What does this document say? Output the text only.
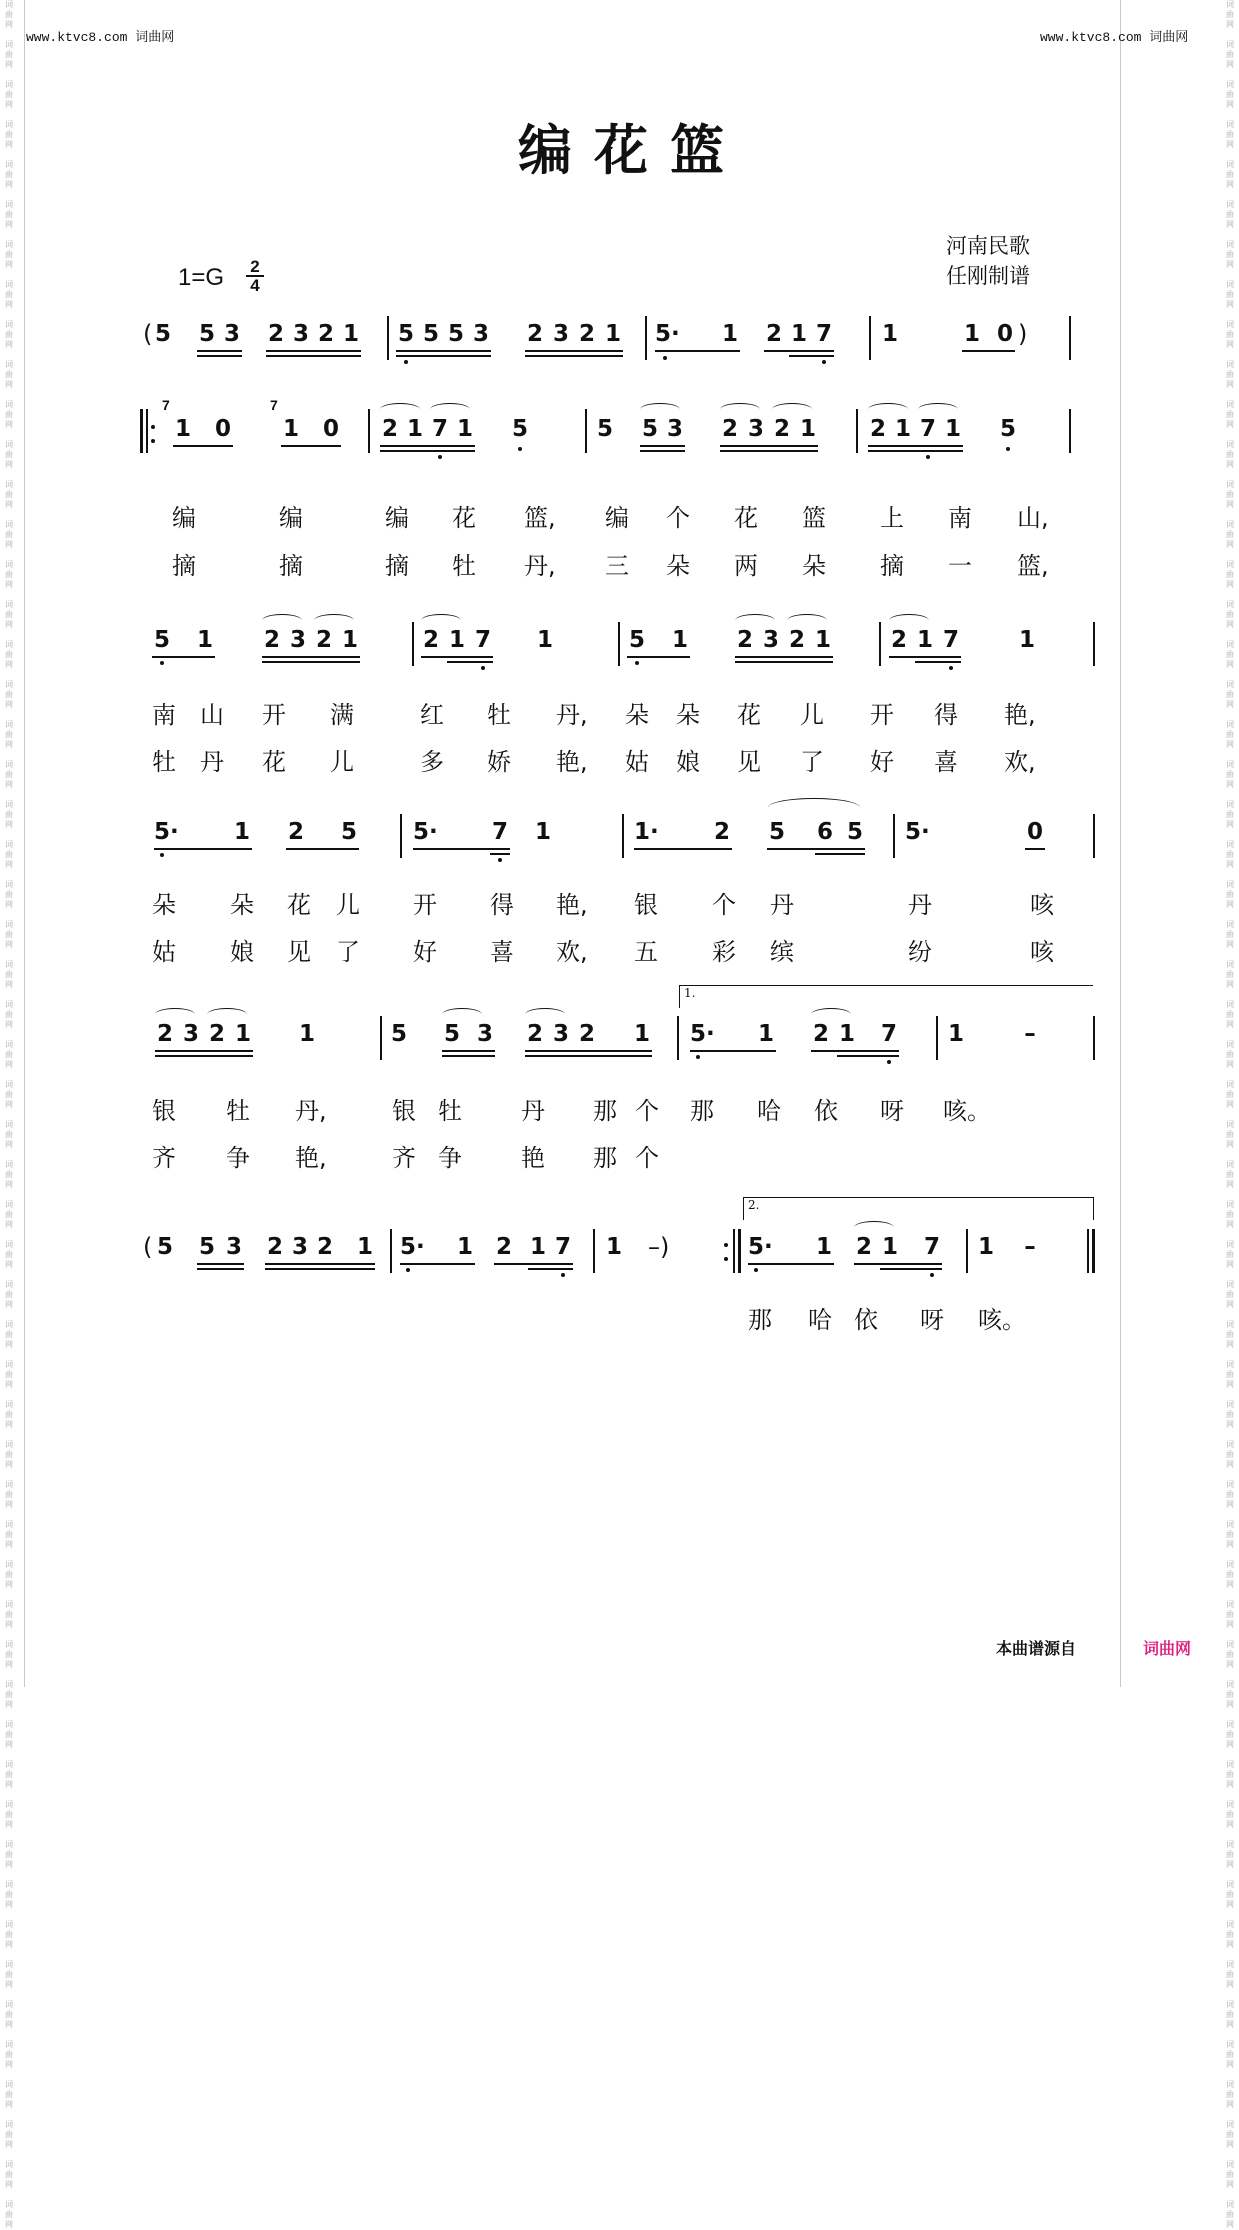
词
曲
网

词
曲
网

词
曲
网

词
曲
网

词
曲
网

词
曲
网

词
曲
网

词
曲
网

词
曲
网

词
曲
网

词
曲
网

词
曲
网

词
曲
网

词
曲
网

词
曲
网

词
曲
网

词
曲
网

词
曲
网

词
曲
网

词
曲
网

词
曲
网

词
曲
网

词
曲
网

词
曲
网

词
曲
网

词
曲
网

词
曲
网

词
曲
网

词
曲
网

词
曲
网

词
曲
网

词
曲
网

词
曲
网

词
曲
网

词
曲
网

词
曲
网

词
曲
网

词
曲
网

词
曲
网

词
曲
网

词
曲
网

词
曲
网

词
曲
网

词
曲
网

词
曲
网

词
曲
网

词
曲
网

词
曲
网

词
曲
网

词
曲
网

词
曲
网

词
曲
网

词
曲
网

词
曲
网

词
曲
网

词
曲
网

词
曲
网

词
曲
网

词
曲
网

词
曲
网

词
曲
网

词
曲
网

词
曲
网

词
曲
网

词
曲
网

词
曲
网

词
曲
网

词
曲
网

词
曲
网

词
曲
网

词
曲
网

词
曲
网

词
曲
网

词
曲
网

词
曲
网

词
曲
网

词
曲
网

词
曲
网

词
曲
网

词
曲
网

词
曲
网

词
曲
网

词
曲
网

词
曲
网

词
曲
网

词
曲
网

词
曲
网

词
曲
网

词
曲
网

词
曲
网

词
曲
网

词
曲
网

词
曲
网

词
曲
网

词
曲
网

词
曲
网

词
曲
网

词
曲
网

词
曲
网

词
曲
网

词
曲
网

词
曲
网

词
曲
网

词
曲
网

词
曲
网

词
曲
网

词
曲
网

词
曲
网

词
曲
网

词
曲
网

词
曲
网

词
曲
网

www.ktvc8.com 词曲网	www.ktvc8.com 词曲网
编花篮
河南民歌
任刚制谱
1=G 2
4
( 5 5 3 2 3 2 1 5 5 5 3 2 3 2 1 5· 1 2 1 7 1	1 0 )
7
1 0
7
1 0 2 1 7 1 5	5 5 3 2 3 2 1 2 1 7 1 5
编	编	编 花 篮, 编 个 花 篮 上 南 山,
摘	摘	摘 牡 丹, 三 朵 两 朵 摘 一 篮,
5 1 2 3 2 1	2 1 7 1	5 1 2 3 2 1	2 1 7	1
南 山 开 满	红 牡 丹, 朵 朵 花 儿 开 得 艳,
牡 丹 花 儿	多 娇 艳, 姑 娘 见 了 好 喜 欢,
5· 1 2 5 5· 7 1	1· 2 5 6 5 5·	0
朵 朵 花 儿 开 得 艳, 银 个 丹	丹	咳
姑 娘 见 了 好 喜 欢, 五 彩 缤	纷	咳
1.
2 3 2 1 1	5 5 3 2 3 2 1 5· 1 2 1 7 1	–
银 牡 丹,	银 牡 丹 那 个 那 哈 依 呀 咳。
齐 争 艳,	齐 争 艳 那 个
2.
( 5 5 3 2 3 2 1 5· 1 2 1 7 1 –)	5· 1 2 1 7 1 –
那 哈 依 呀 咳。
本曲谱源自	词曲网
